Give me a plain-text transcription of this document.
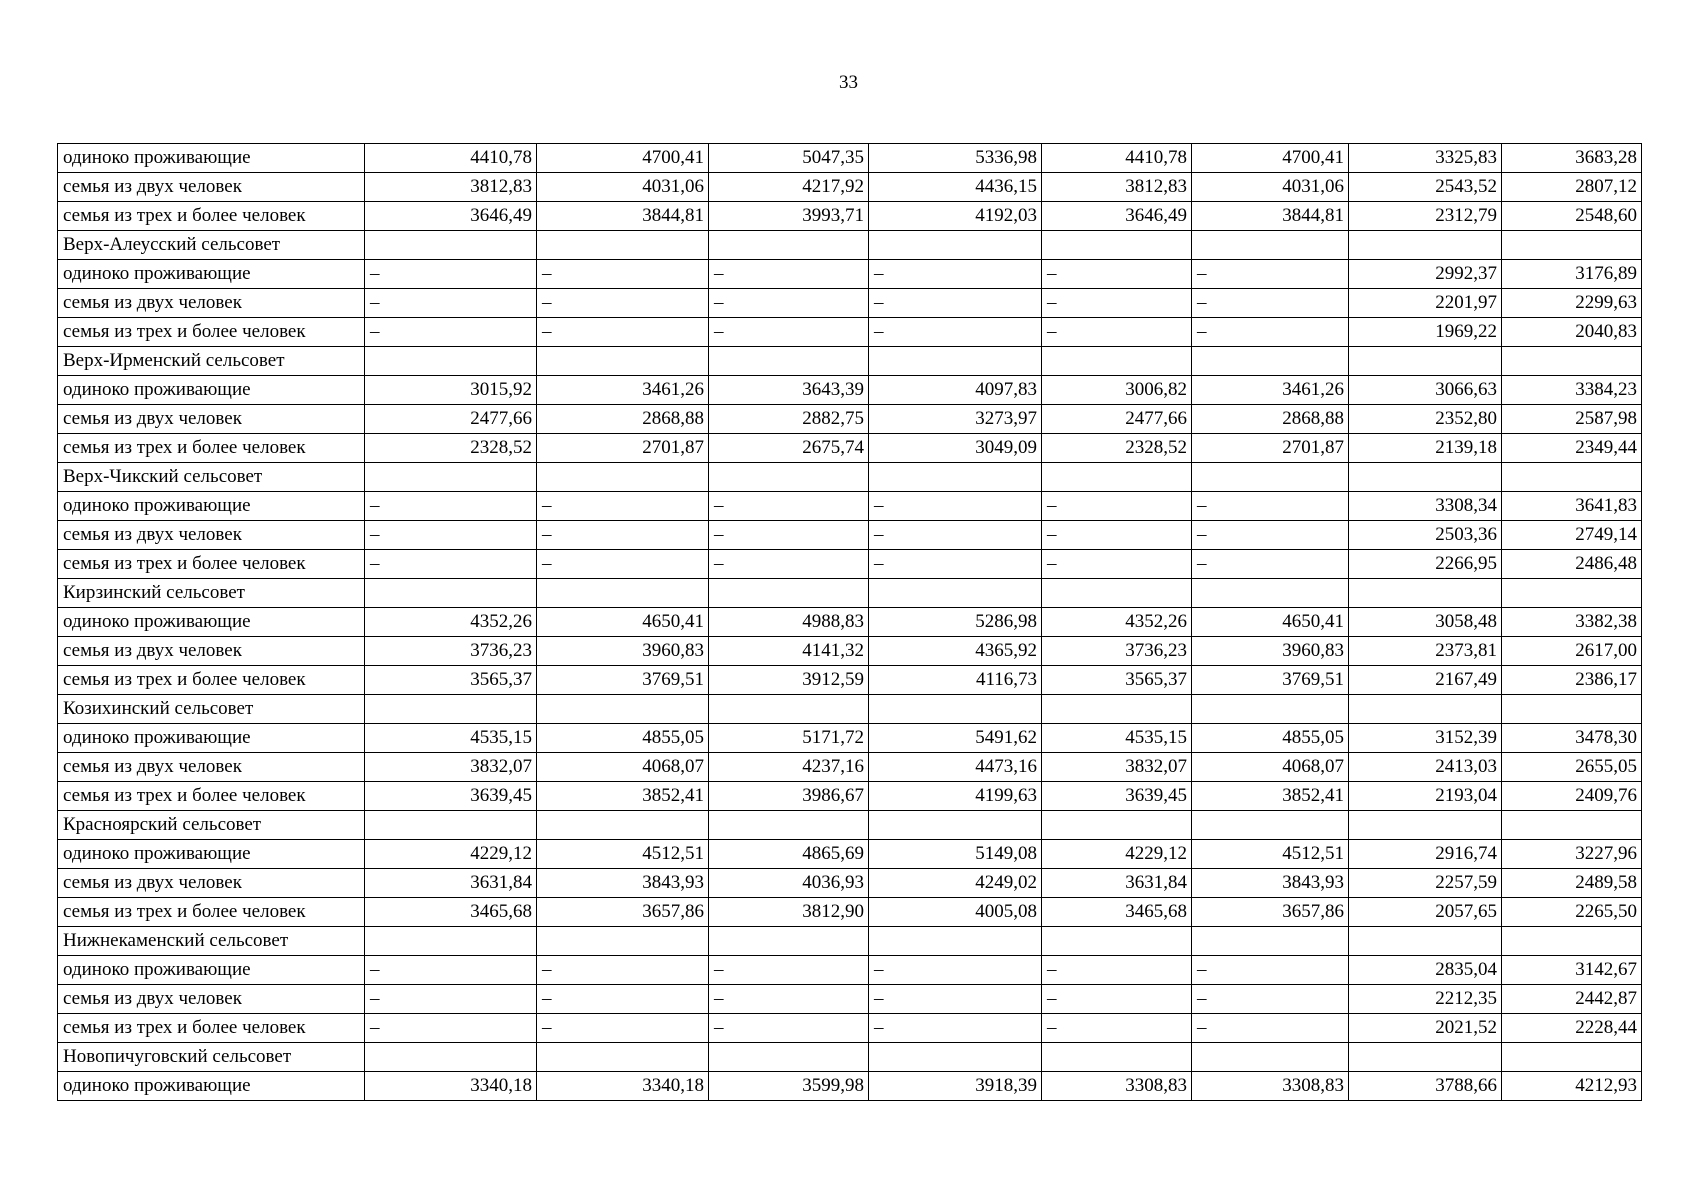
33
одиноко проживающие	4410,78	4700,41	5047,35	5336,98	4410,78	4700,41	3325,83	3683,28
семья из двух человек	3812,83	4031,06	4217,92	4436,15	3812,83	4031,06	2543,52	2807,12
семья из трех и более человек	3646,49	3844,81	3993,71	4192,03	3646,49	3844,81	2312,79	2548,60
Верх-Алеусский сельсовет								
одиноко проживающие	–	–	–	–	–	–	2992,37	3176,89
семья из двух человек	–	–	–	–	–	–	2201,97	2299,63
семья из трех и более человек	–	–	–	–	–	–	1969,22	2040,83
Верх-Ирменский сельсовет								
одиноко проживающие	3015,92	3461,26	3643,39	4097,83	3006,82	3461,26	3066,63	3384,23
семья из двух человек	2477,66	2868,88	2882,75	3273,97	2477,66	2868,88	2352,80	2587,98
семья из трех и более человек	2328,52	2701,87	2675,74	3049,09	2328,52	2701,87	2139,18	2349,44
Верх-Чикский сельсовет								
одиноко проживающие	–	–	–	–	–	–	3308,34	3641,83
семья из двух человек	–	–	–	–	–	–	2503,36	2749,14
семья из трех и более человек	–	–	–	–	–	–	2266,95	2486,48
Кирзинский сельсовет								
одиноко проживающие	4352,26	4650,41	4988,83	5286,98	4352,26	4650,41	3058,48	3382,38
семья из двух человек	3736,23	3960,83	4141,32	4365,92	3736,23	3960,83	2373,81	2617,00
семья из трех и более человек	3565,37	3769,51	3912,59	4116,73	3565,37	3769,51	2167,49	2386,17
Козихинский сельсовет								
одиноко проживающие	4535,15	4855,05	5171,72	5491,62	4535,15	4855,05	3152,39	3478,30
семья из двух человек	3832,07	4068,07	4237,16	4473,16	3832,07	4068,07	2413,03	2655,05
семья из трех и более человек	3639,45	3852,41	3986,67	4199,63	3639,45	3852,41	2193,04	2409,76
Красноярский сельсовет								
одиноко проживающие	4229,12	4512,51	4865,69	5149,08	4229,12	4512,51	2916,74	3227,96
семья из двух человек	3631,84	3843,93	4036,93	4249,02	3631,84	3843,93	2257,59	2489,58
семья из трех и более человек	3465,68	3657,86	3812,90	4005,08	3465,68	3657,86	2057,65	2265,50
Нижнекаменский сельсовет								
одиноко проживающие	–	–	–	–	–	–	2835,04	3142,67
семья из двух человек	–	–	–	–	–	–	2212,35	2442,87
семья из трех и более человек	–	–	–	–	–	–	2021,52	2228,44
Новопичуговский сельсовет								
одиноко проживающие	3340,18	3340,18	3599,98	3918,39	3308,83	3308,83	3788,66	4212,93
